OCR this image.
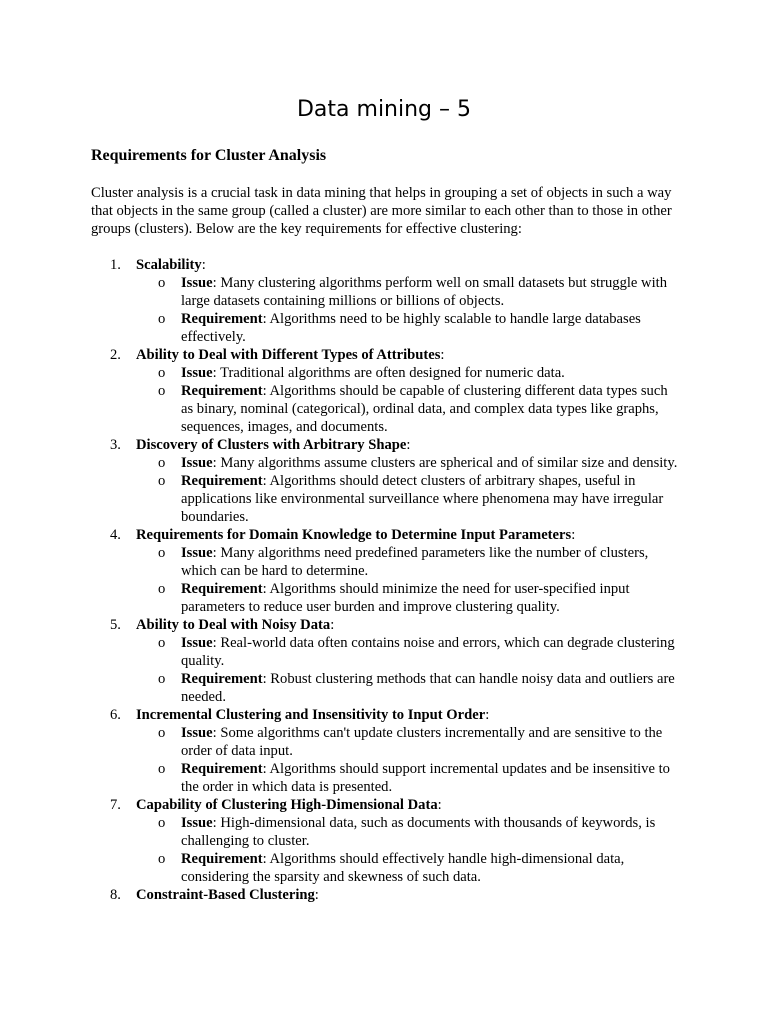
Data mining – 5
Requirements for Cluster Analysis

Cluster analysis is a crucial task in data mining that helps in grouping a set of objects in such a way that objects in the same group (called a cluster) are more similar to each other than to those in other groups (clusters). Below are the key requirements for effective clustering:

1.	Scalability:
o Issue: Many clustering algorithms perform well on small datasets but struggle with large datasets containing millions or billions of objects.
o Requirement: Algorithms need to be highly scalable to handle large databases effectively.
2.	Ability to Deal with Different Types of Attributes:
o Issue: Traditional algorithms are often designed for numeric data.
o Requirement: Algorithms should be capable of clustering different data types such as binary, nominal (categorical), ordinal data, and complex data types like graphs, sequences, images, and documents.
3.	Discovery of Clusters with Arbitrary Shape:
o Issue: Many algorithms assume clusters are spherical and of similar size and density.
o Requirement: Algorithms should detect clusters of arbitrary shapes, useful in applications like environmental surveillance where phenomena may have irregular boundaries.
4.	Requirements for Domain Knowledge to Determine Input Parameters:
o Issue: Many algorithms need predefined parameters like the number of clusters, which can be hard to determine.
o Requirement: Algorithms should minimize the need for user-specified input parameters to reduce user burden and improve clustering quality.
5.	Ability to Deal with Noisy Data:
o Issue: Real-world data often contains noise and errors, which can degrade clustering quality.
o Requirement: Robust clustering methods that can handle noisy data and outliers are needed.
6.	Incremental Clustering and Insensitivity to Input Order:
o Issue: Some algorithms can't update clusters incrementally and are sensitive to the order of data input.
o Requirement: Algorithms should support incremental updates and be insensitive to the order in which data is presented.
7.	Capability of Clustering High-Dimensional Data:
o Issue: High-dimensional data, such as documents with thousands of keywords, is challenging to cluster.
o Requirement: Algorithms should effectively handle high-dimensional data, considering the sparsity and skewness of such data.
8.	Constraint-Based Clustering:
